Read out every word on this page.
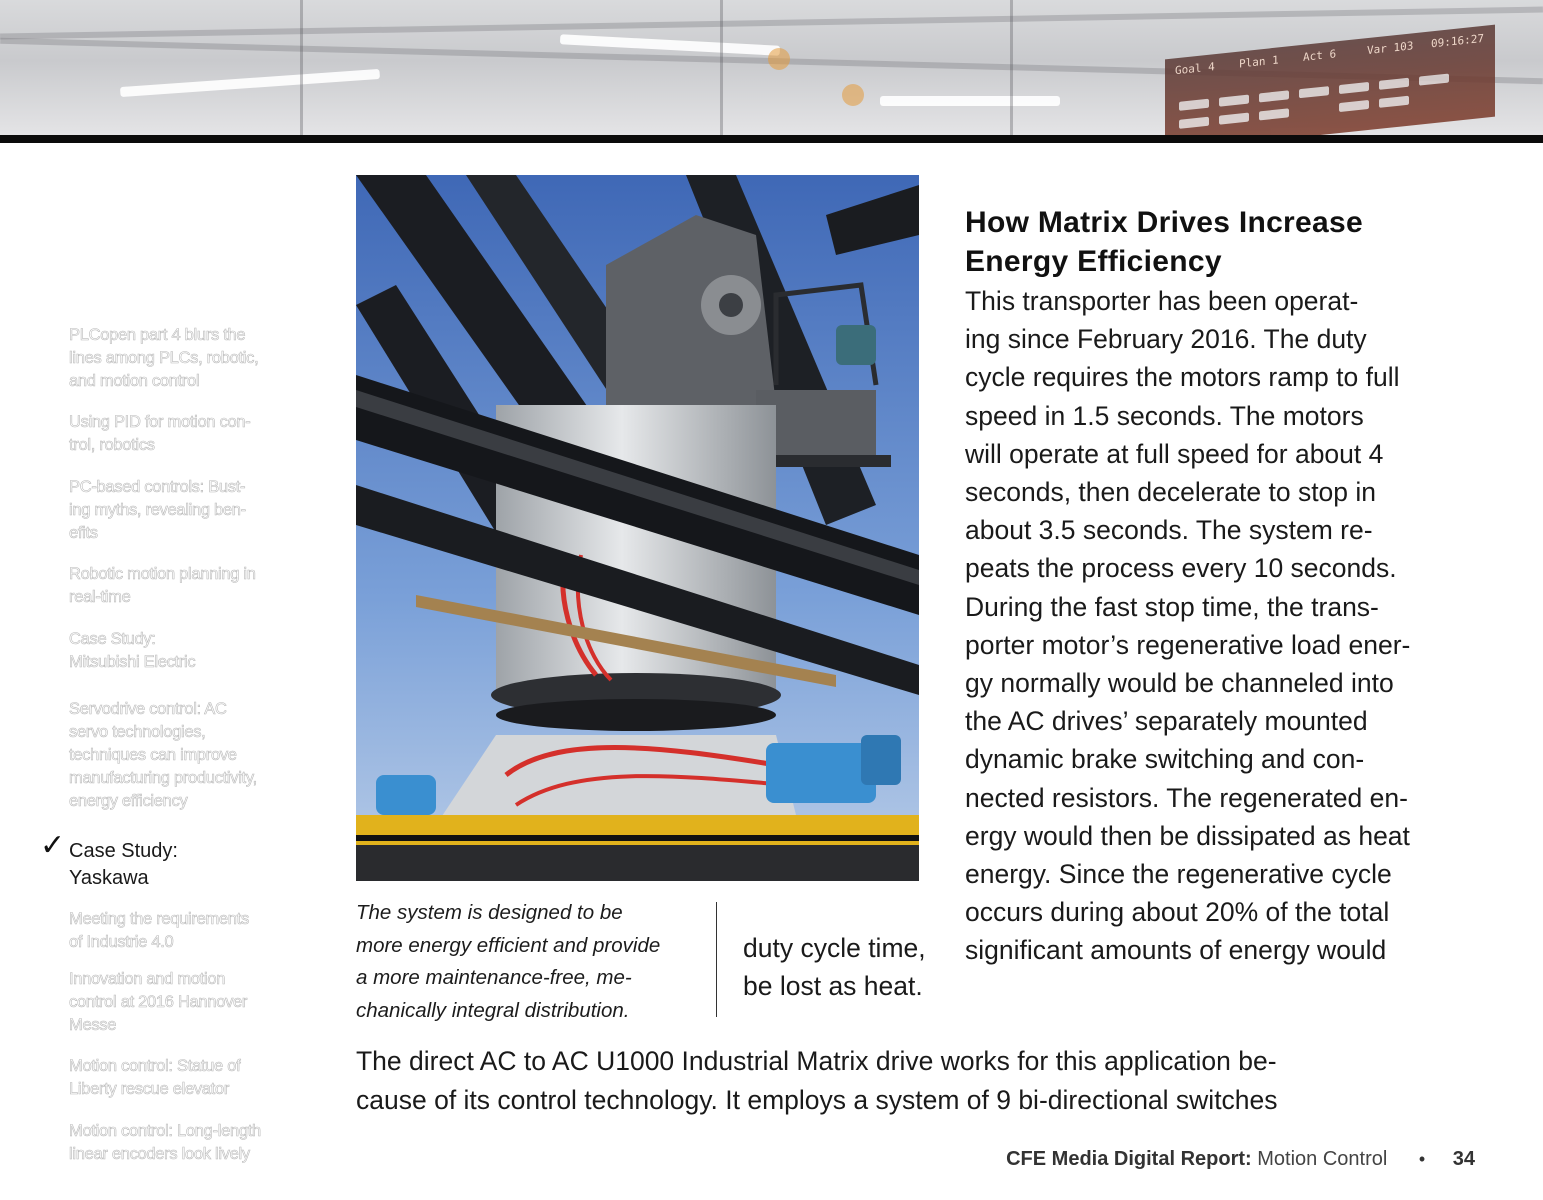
Goal 4 Plan 1 Act 6	Var 103 09:16:27
PLCopen part 4 blurs the
lines among PLCs, robotic,
and motion control
Using PID for motion con-
trol, robotics
PC-based controls: Bust-
ing myths, revealing ben-
efits
Robotic motion planning in
real-time
Case Study:
Mitsubishi Electric
Servodrive control: AC
servo technologies,
techniques can improve
manufacturing productivity,
energy efficiency
✓ Case Study:
Yaskawa
Meeting the requirements
of Industrie 4.0
Innovation and motion
control at 2016 Hannover
Messe
Motion control: Statue of
Liberty rescue elevator
Motion control: Long-length
linear encoders look lively
The system is designed to be
more energy efficient and provide
a more maintenance-free, me-
chanically integral distribution.
How Matrix Drives Increase
Energy Efficiency
This transporter has been operat-
ing since February 2016. The duty
cycle requires the motors ramp to full
speed in 1.5 seconds. The motors
will operate at full speed for about 4
seconds, then decelerate to stop in
about 3.5 seconds. The system re-
peats the process every 10 seconds.
During the fast stop time, the trans-
porter motor’s regenerative load ener-
gy normally would be channeled into
the AC drives’ separately mounted
dynamic brake switching and con-
nected resistors. The regenerated en-
ergy would then be dissipated as heat
energy. Since the regenerative cycle
occurs during about 20% of the total
significant amounts of energy would
duty cycle time,
be lost as heat.
The direct AC to AC U1000 Industrial Matrix drive works for this application be-
cause of its control technology. It employs a system of 9 bi-directional switches
CFE Media Digital Report: Motion Control • 34
